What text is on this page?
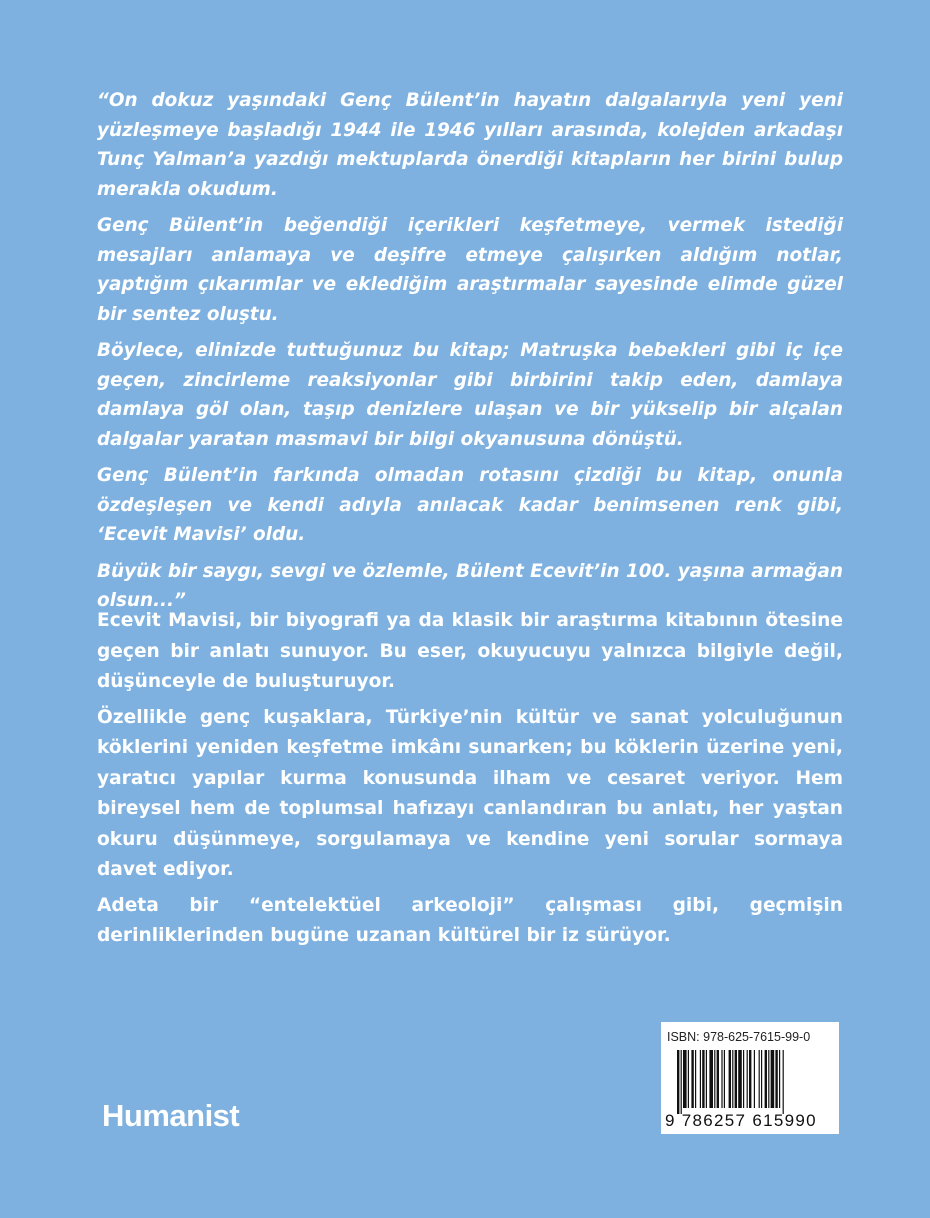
“On dokuz yaşındaki Genç Bülent’in hayatın dalgalarıyla yeni yeni yüzleşmeye başladığı 1944 ile 1946 yılları arasında, kolejden arkadaşı Tunç Yalman’a yazdığı mektuplarda önerdiği kitapların her birini bulup merakla okudum.

Genç Bülent’in beğendiği içerikleri keşfetmeye, vermek istediği mesajları anlamaya ve deşifre etmeye çalışırken aldığım notlar, yaptığım çıkarımlar ve eklediğim araştırmalar sayesinde elimde güzel bir sentez oluştu.

Böylece, elinizde tuttuğunuz bu kitap; Matruşka bebekleri gibi iç içe geçen, zincirleme reaksiyonlar gibi birbirini takip eden, damlaya damlaya göl olan, taşıp denizlere ulaşan ve bir yükselip bir alçalan dalgalar yaratan masmavi bir bilgi okyanusuna dönüştü.

Genç Bülent’in farkında olmadan rotasını çizdiği bu kitap, onunla özdeşleşen ve kendi adıyla anılacak kadar benimsenen renk gibi, ‘Ecevit Mavisi’ oldu.

Büyük bir saygı, sevgi ve özlemle, Bülent Ecevit’in 100. yaşına armağan olsun...”

Ecevit Mavisi, bir biyografi ya da klasik bir araştırma kitabının ötesine geçen bir anlatı sunuyor. Bu eser, okuyucuyu yalnızca bilgiyle değil, düşünceyle de buluşturuyor.

Özellikle genç kuşaklara, Türkiye’nin kültür ve sanat yolculuğunun köklerini yeniden keşfetme imkânı sunarken; bu köklerin üzerine yeni, yaratıcı yapılar kurma konusunda ilham ve cesaret veriyor. Hem bireysel hem de toplumsal hafızayı canlandıran bu anlatı, her yaştan okuru düşünmeye, sorgulamaya ve kendine yeni sorular sormaya davet ediyor.

Adeta bir “entelektüel arkeoloji” çalışması gibi, geçmişin derinliklerinden bugüne uzanan kültürel bir iz sürüyor.

Humanist
ISBN: 978-625-7615-99-0
9 786257 615990
